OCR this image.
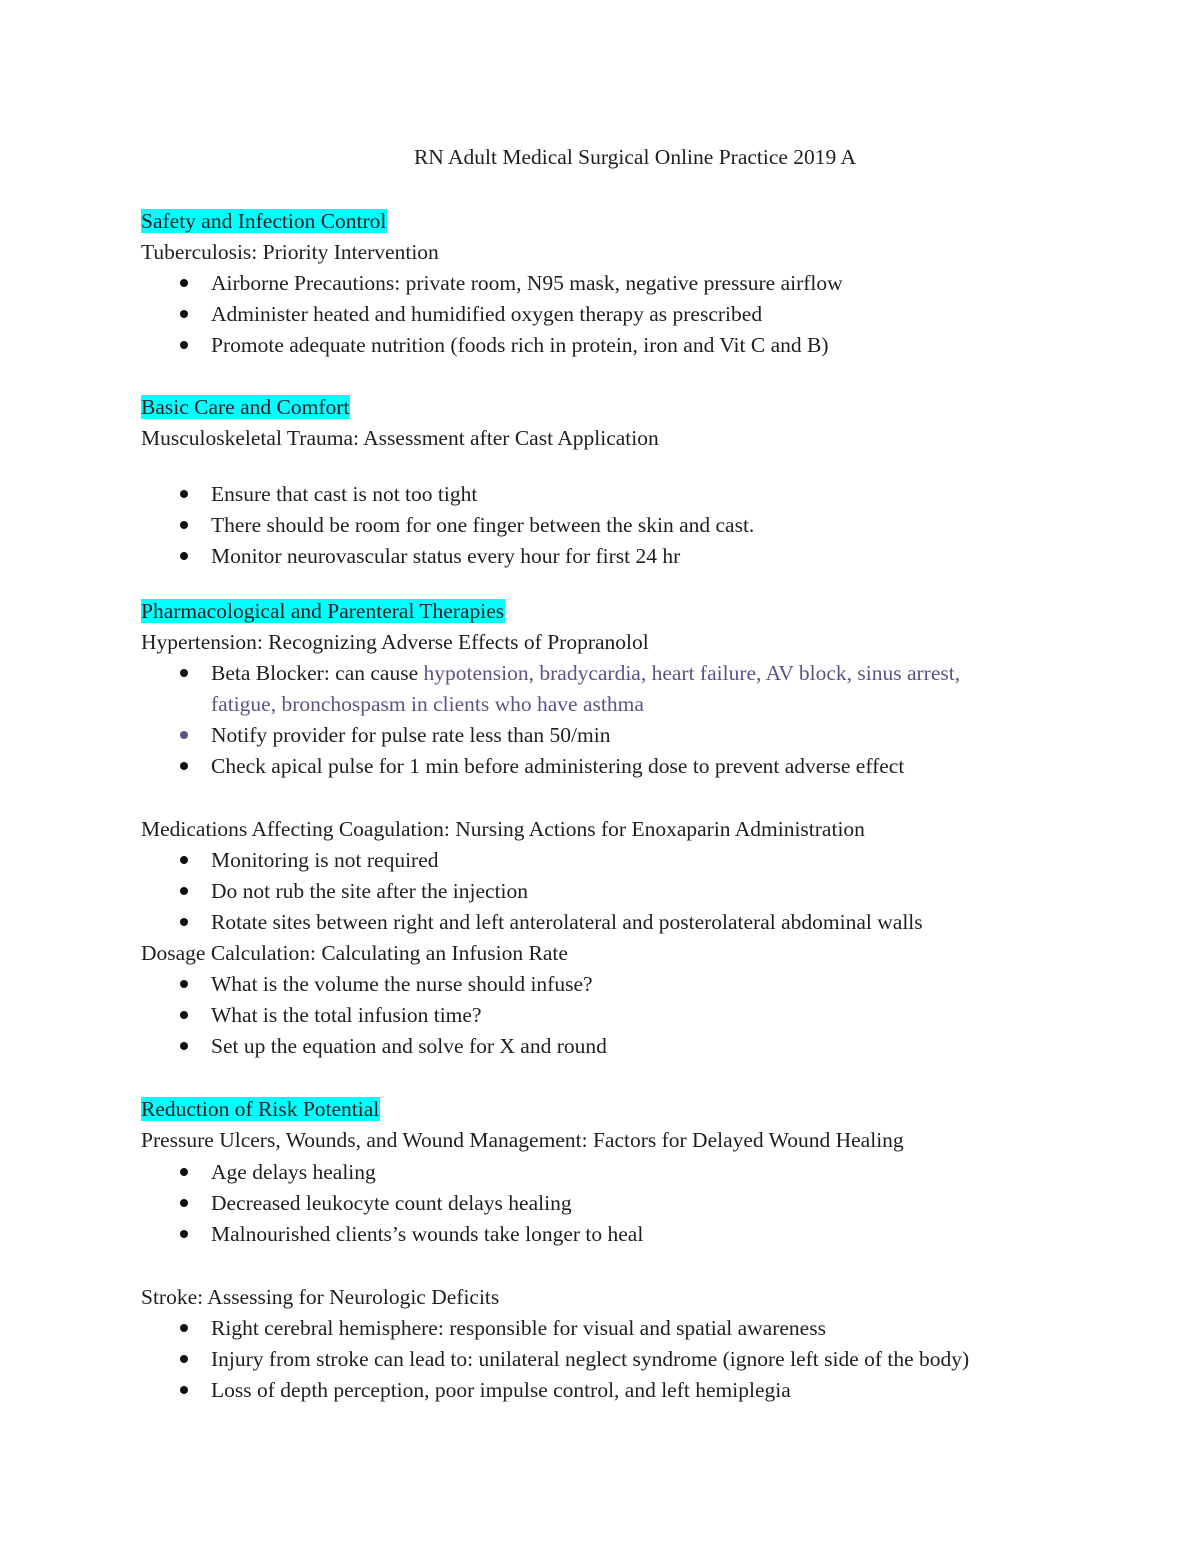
RN Adult Medical Surgical Online Practice 2019 A
Safety and Infection Control
Tuberculosis: Priority Intervention
Airborne Precautions: private room, N95 mask, negative pressure airflow
Administer heated and humidified oxygen therapy as prescribed
Promote adequate nutrition (foods rich in protein, iron and Vit C and B)
Basic Care and Comfort
Musculoskeletal Trauma: Assessment after Cast Application
Ensure that cast is not too tight
There should be room for one finger between the skin and cast.
Monitor neurovascular status every hour for first 24 hr
Pharmacological and Parenteral Therapies
Hypertension: Recognizing Adverse Effects of Propranolol
Beta Blocker: can cause hypotension, bradycardia, heart failure, AV block, sinus arrest,
fatigue, bronchospasm in clients who have asthma
Notify provider for pulse rate less than 50/min
Check apical pulse for 1 min before administering dose to prevent adverse effect
Medications Affecting Coagulation: Nursing Actions for Enoxaparin Administration
Monitoring is not required
Do not rub the site after the injection
Rotate sites between right and left anterolateral and posterolateral abdominal walls
Dosage Calculation: Calculating an Infusion Rate
What is the volume the nurse should infuse?
What is the total infusion time?
Set up the equation and solve for X and round
Reduction of Risk Potential
Pressure Ulcers, Wounds, and Wound Management: Factors for Delayed Wound Healing
Age delays healing
Decreased leukocyte count delays healing
Malnourished clients’s wounds take longer to heal
Stroke: Assessing for Neurologic Deficits
Right cerebral hemisphere: responsible for visual and spatial awareness
Injury from stroke can lead to: unilateral neglect syndrome (ignore left side of the body)
Loss of depth perception, poor impulse control, and left hemiplegia
